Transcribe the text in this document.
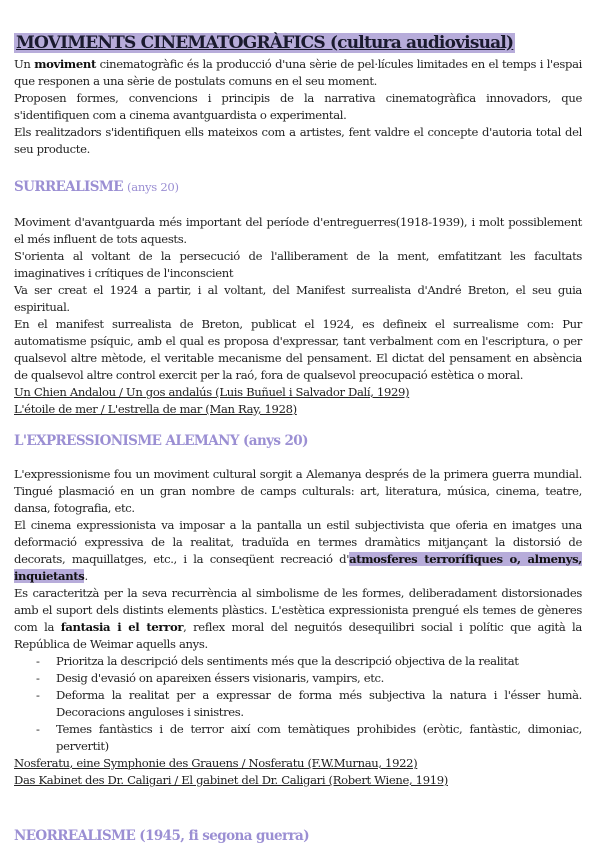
MOVIMENTS CINEMATOGRÀFICS (cultura audiovisual)

Un moviment cinematogràfic és la producció d'una sèrie de pel·lícules limitades en el temps i l'espai que responen a una sèrie de postulats comuns en el seu moment.

Proposen formes, convencions i principis de la narrativa cinematogràfica innovadors, que s'identifiquen com a cinema avantguardista o experimental.

Els realitzadors s'identifiquen ells mateixos com a artistes, fent valdre el concepte d'autoria total del seu producte.

SURREALISME (anys 20)

Moviment d'avantguarda més important del període d'entreguerres(1918-1939), i molt possiblement el més influent de tots aquests.

S'orienta al voltant de la persecució de l'alliberament de la ment, emfatitzant les facultats imaginatives i crítiques de l'inconscient

Va ser creat el 1924 a partir, i al voltant, del Manifest surrealista d'André Breton, el seu guia espiritual.

En el manifest surrealista de Breton, publicat el 1924, es defineix el surrealisme com: Pur automatisme psíquic, amb el qual es proposa d'expressar, tant verbalment com en l'escriptura, o per qualsevol altre mètode, el veritable mecanisme del pensament. El dictat del pensament en absència de qualsevol altre control exercit per la raó, fora de qualsevol preocupació estètica o moral.

Un Chien Andalou / Un gos andalús (Luis Buñuel i Salvador Dalí, 1929)

L'étoile de mer / L'estrella de mar (Man Ray, 1928)

L'EXPRESSIONISME ALEMANY (anys 20)

L'expressionisme fou un moviment cultural sorgit a Alemanya després de la primera guerra mundial. Tingué plasmació en un gran nombre de camps culturals: art, literatura, música, cinema, teatre, dansa, fotografia, etc.

El cinema expressionista va imposar a la pantalla un estil subjectivista que oferia en imatges una deformació expressiva de la realitat, traduïda en termes dramàtics mitjançant la distorsió de decorats, maquillatges, etc., i la conseqüent recreació d'atmosferes terrorífiques o, almenys, inquietants.

Es caracteritzà per la seva recurrència al simbolisme de les formes, deliberadament distorsionades amb el suport dels distints elements plàstics. L'estètica expressionista prengué els temes de gèneres com la fantasia i el terror, reflex moral del neguitós desequilibri social i polític que agità la República de Weimar aquells anys.

- Prioritza la descripció dels sentiments més que la descripció objectiva de la realitat
- Desig d'evasió on apareixen éssers visionaris, vampirs, etc.
- Deforma la realitat per a expressar de forma més subjectiva la natura i l'ésser humà. Decoracions anguloses i sinistres.
- Temes fantàstics i de terror així com temàtiques prohibides (eròtic, fantàstic, dimoniac, pervertit)

Nosferatu, eine Symphonie des Grauens / Nosferatu (F.W.Murnau, 1922)

Das Kabinet des Dr. Caligari / El gabinet del Dr. Caligari (Robert Wiene, 1919)

NEORREALISME (1945, fi segona guerra)
